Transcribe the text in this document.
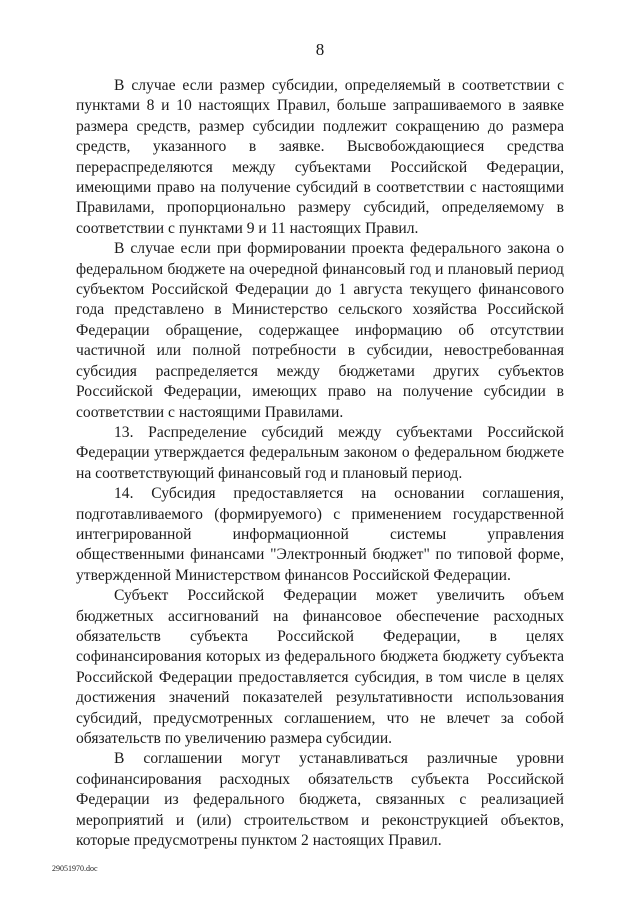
8

В случае если размер субсидии, определяемый в соответствии с пунктами 8 и 10 настоящих Правил, больше запрашиваемого в заявке размера средств, размер субсидии подлежит сокращению до размера средств, указанного в заявке. Высвобождающиеся средства перераспределяются между субъектами Российской Федерации, имеющими право на получение субсидий в соответствии с настоящими Правилами, пропорционально размеру субсидий, определяемому в соответствии с пунктами 9 и 11 настоящих Правил.

В случае если при формировании проекта федерального закона о федеральном бюджете на очередной финансовый год и плановый период субъектом Российской Федерации до 1 августа текущего финансового года представлено в Министерство сельского хозяйства Российской Федерации обращение, содержащее информацию об отсутствии частичной или полной потребности в субсидии, невостребованная субсидия распределяется между бюджетами других субъектов Российской Федерации, имеющих право на получение субсидии в соответствии с настоящими Правилами.

13. Распределение субсидий между субъектами Российской Федерации утверждается федеральным законом о федеральном бюджете на соответствующий финансовый год и плановый период.

14. Субсидия предоставляется на основании соглашения, подготавливаемого (формируемого) с применением государственной интегрированной информационной системы управления общественными финансами "Электронный бюджет" по типовой форме, утвержденной Министерством финансов Российской Федерации.

Субъект Российской Федерации может увеличить объем бюджетных ассигнований на финансовое обеспечение расходных обязательств субъекта Российской Федерации, в целях софинансирования которых из федерального бюджета бюджету субъекта Российской Федерации предоставляется субсидия, в том числе в целях достижения значений показателей результативности использования субсидий, предусмотренных соглашением, что не влечет за собой обязательств по увеличению размера субсидии.

В соглашении могут устанавливаться различные уровни софинансирования расходных обязательств субъекта Российской Федерации из федерального бюджета, связанных с реализацией мероприятий и (или) строительством и реконструкцией объектов, которые предусмотрены пунктом 2 настоящих Правил.

29051970.doc
